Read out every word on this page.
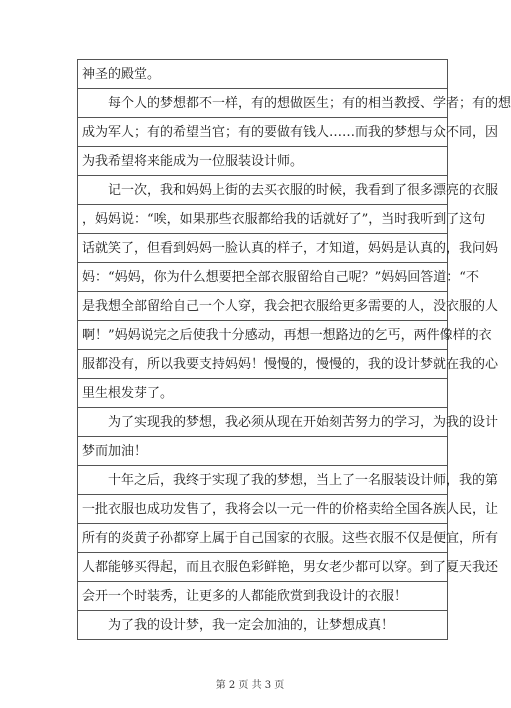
神圣的殿堂。
每个人的梦想都不一样，有的想做医生；有的相当教授、学者；有的想
成为军人；有的希望当官；有的要做有钱人……而我的梦想与众不同，因
为我希望将来能成为一位服装设计师。
记一次，我和妈妈上街的去买衣服的时候，我看到了很多漂亮的衣服
，妈妈说：“唉，如果那些衣服都给我的话就好了”，当时我听到了这句
话就笑了，但看到妈妈一脸认真的样子，才知道，妈妈是认真的，我问妈
妈：“妈妈，你为什么想要把全部衣服留给自己呢？”妈妈回答道：“不
是我想全部留给自己一个人穿，我会把衣服给更多需要的人，没衣服的人
啊！”妈妈说完之后使我十分感动，再想一想路边的乞丐，两件像样的衣
服都没有，所以我要支持妈妈！慢慢的，慢慢的，我的设计梦就在我的心
里生根发芽了。
为了实现我的梦想，我必须从现在开始刻苦努力的学习，为我的设计
梦而加油！
十年之后，我终于实现了我的梦想，当上了一名服装设计师，我的第
一批衣服也成功发售了，我将会以一元一件的价格卖给全国各族人民，让
所有的炎黄子孙都穿上属于自己国家的衣服。这些衣服不仅是便宜，所有
人都能够买得起，而且衣服色彩鲜艳，男女老少都可以穿。到了夏天我还
会开一个时装秀，让更多的人都能欣赏到我设计的衣服！
为了我的设计梦，我一定会加油的，让梦想成真！
第 2 页 共 3 页
